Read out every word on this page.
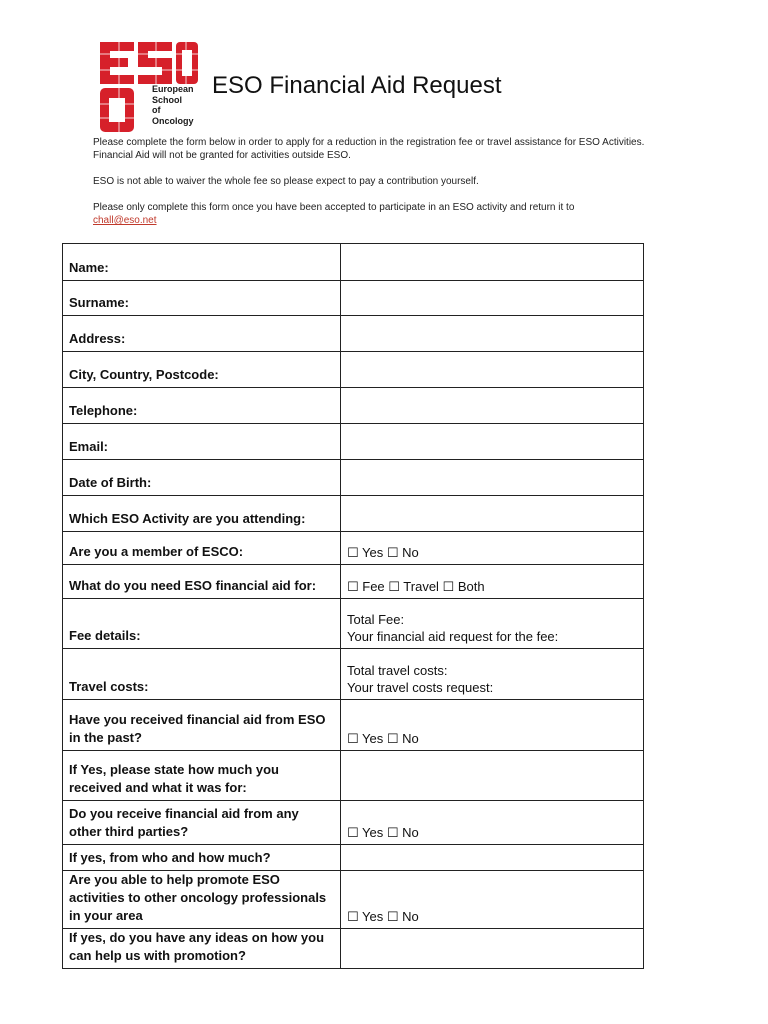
European
School
of
Oncology
ESO Financial Aid Request

Please complete the form below in order to apply for a reduction in the registration fee or travel assistance for ESO Activities. Financial Aid will not be granted for activities outside ESO.

ESO is not able to waiver the whole fee so please expect to pay a contribution yourself.

Please only complete this form once you have been accepted to participate in an ESO activity and return it to
chall@eso.net

Name:	

Surname:	

Address:	

City, Country, Postcode:	

Telephone:	

Email:	

Date of Birth:	

Which ESO Activity are you attending:	

Are you a member of ESCO:	☐ Yes ☐ No

What do you need ESO financial aid for:	☐ Fee ☐ Travel ☐ Both

Fee details:	Total Fee:
Your financial aid request for the fee:

Travel costs:	Total travel costs:
Your travel costs request:

Have you received financial aid from ESO in the past?	☐ Yes ☐ No

If Yes, please state how much you received and what it was for:	

Do you receive financial aid from any other third parties?	☐ Yes ☐ No

If yes, from who and how much?	

Are you able to help promote ESO activities to other oncology professionals in your area	☐ Yes ☐ No

If yes, do you have any ideas on how you can help us with promotion?	
